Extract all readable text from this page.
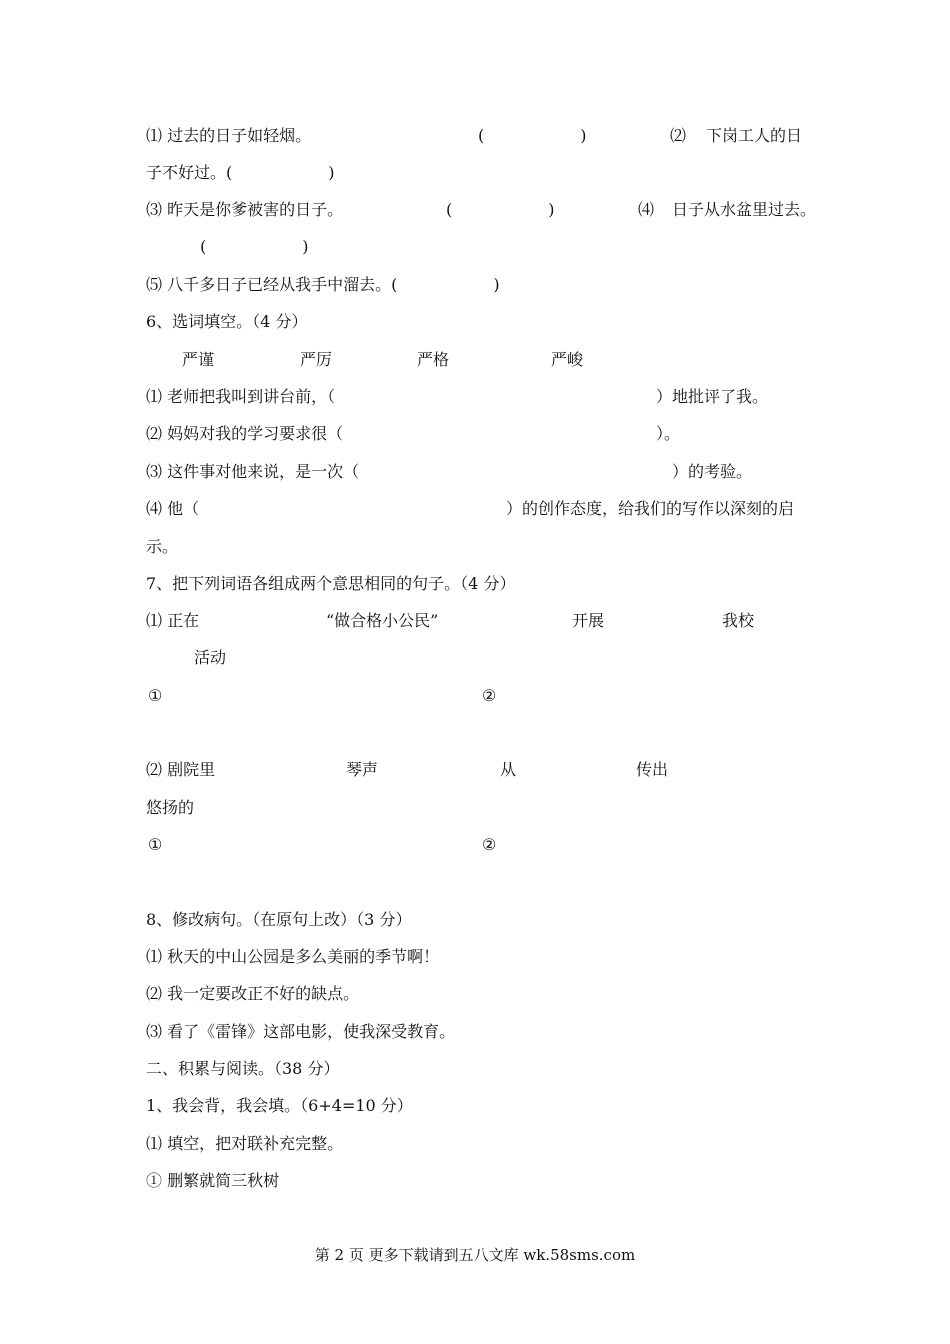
⑴ 过去的日子如轻烟。	(　　　　　　)	⑵ 下岗工人的日
子不好过。(　　　　　　)
⑶ 昨天是你爹被害的日子。	(　　　　　　)	⑷ 日子从水盆里过去。
(　　　　　　)
⑸ 八千多日子已经从我手中溜去。(　　　　　　)
6、选词填空。（4 分）
严谨	严厉	严格	严峻
⑴ 老师把我叫到讲台前，（	）地批评了我。
⑵ 妈妈对我的学习要求很（	）。
⑶ 这件事对他来说，是一次（	）的考验。
⑷ 他（	）的创作态度，给我们的写作以深刻的启
示。
7、把下列词语各组成两个意思相同的句子。（4 分）
⑴ 正在	“做合格小公民”	开展	我校
活动
①	②
⑵ 剧院里	琴声	从	传出
悠扬的
①	②
8、修改病句。（在原句上改）（3 分）
⑴ 秋天的中山公园是多么美丽的季节啊！
⑵ 我一定要改正不好的缺点。
⑶ 看了《雷锋》这部电影，使我深受教育。
二、积累与阅读。（38 分）
1、我会背，我会填。（6+4=10 分）
⑴ 填空，把对联补充完整。
① 删繁就简三秋树
第 2 页 更多下载请到五八文库 wk.58sms.com
